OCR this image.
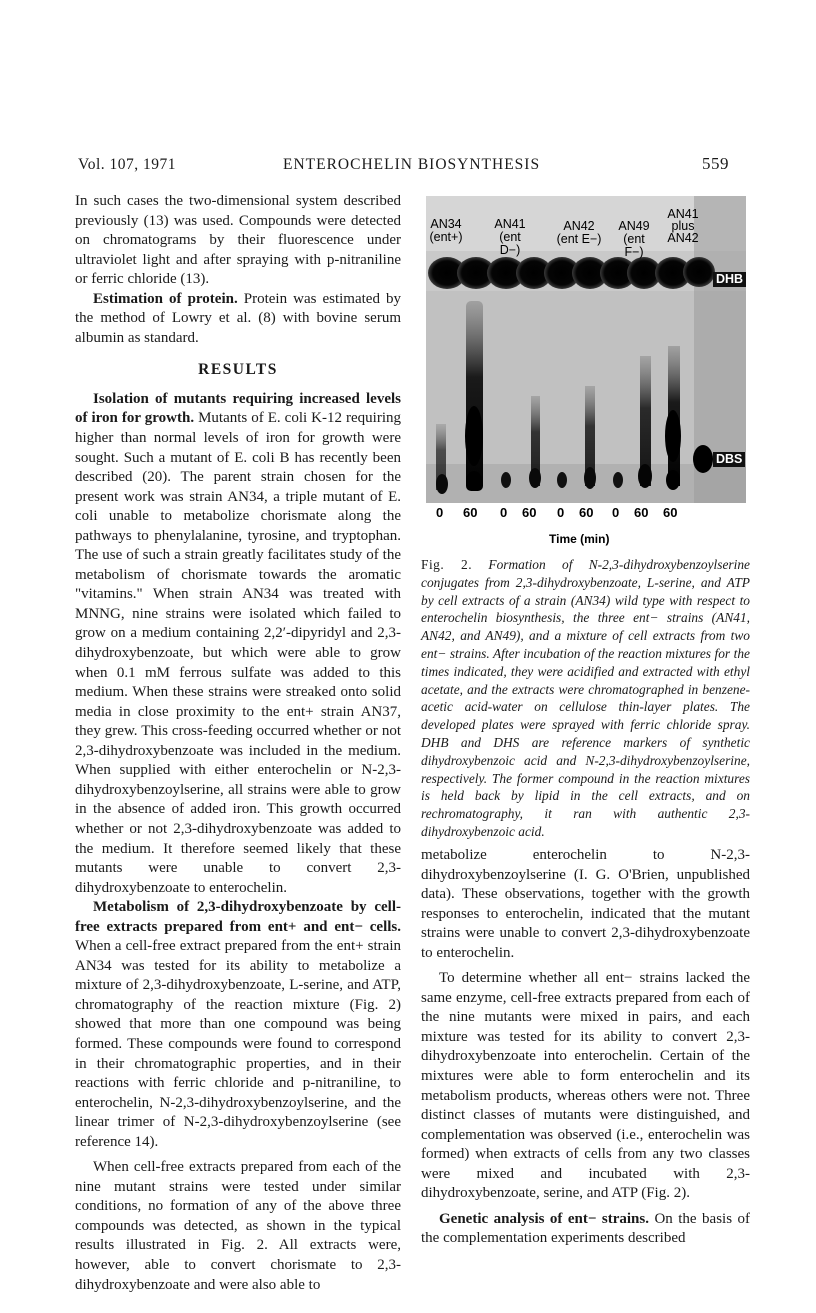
Vol. 107, 1971	ENTEROCHELIN BIOSYNTHESIS	559

In such cases the two-dimensional system described previously (13) was used. Compounds were detected on chromatograms by their fluorescence under ultraviolet light and after spraying with p-nitraniline or ferric chloride (13).

Estimation of protein. Protein was estimated by the method of Lowry et al. (8) with bovine serum albumin as standard.

RESULTS

Isolation of mutants requiring increased levels of iron for growth. Mutants of E. coli K-12 requiring higher than normal levels of iron for growth were sought. Such a mutant of E. coli B has recently been described (20). The parent strain chosen for the present work was strain AN34, a triple mutant of E. coli unable to metabolize chorismate along the pathways to phenylalanine, tyrosine, and tryptophan. The use of such a strain greatly facilitates study of the metabolism of chorismate towards the aromatic "vitamins." When strain AN34 was treated with MNNG, nine strains were isolated which failed to grow on a medium containing 2,2′-dipyridyl and 2,3-dihydroxybenzoate, but which were able to grow when 0.1 mM ferrous sulfate was added to this medium. When these strains were streaked onto solid media in close proximity to the ent+ strain AN37, they grew. This cross-feeding occurred whether or not 2,3-dihydroxybenzoate was included in the medium. When supplied with either enterochelin or N-2,3-dihydroxybenzoylserine, all strains were able to grow in the absence of added iron. This growth occurred whether or not 2,3-dihydroxybenzoate was added to the medium. It therefore seemed likely that these mutants were unable to convert 2,3-dihydroxybenzoate to enterochelin.

Metabolism of 2,3-dihydroxybenzoate by cell-free extracts prepared from ent+ and ent− cells. When a cell-free extract prepared from the ent+ strain AN34 was tested for its ability to metabolize a mixture of 2,3-dihydroxybenzoate, L-serine, and ATP, chromatography of the reaction mixture (Fig. 2) showed that more than one compound was being formed. These compounds were found to correspond in their chromatographic properties, and in their reactions with ferric chloride and p-nitraniline, to enterochelin, N-2,3-dihydroxybenzoylserine, and the linear trimer of N-2,3-dihydroxybenzoylserine (see reference 14).

When cell-free extracts prepared from each of the nine mutant strains were tested under similar conditions, no formation of any of the above three compounds was detected, as shown in the typical results illustrated in Fig. 2. All extracts were, however, able to convert chorismate to 2,3-dihydroxybenzoate and were also able to

AN34
(ent+)
AN41
(ent D−)
AN42
(ent E−)
AN49
(ent F−)
AN41
plus
AN42
DHB
DBS
0 60 0 60 0 60 0 60 60
Time (min)
Fig. 2. Formation of N-2,3-dihydroxybenzoylserine conjugates from 2,3-dihydroxybenzoate, L-serine, and ATP by cell extracts of a strain (AN34) wild type with respect to enterochelin biosynthesis, the three ent− strains (AN41, AN42, and AN49), and a mixture of cell extracts from two ent− strains. After incubation of the reaction mixtures for the times indicated, they were acidified and extracted with ethyl acetate, and the extracts were chromatographed in benzene-acetic acid-water on cellulose thin-layer plates. The developed plates were sprayed with ferric chloride spray. DHB and DHS are reference markers of synthetic dihydroxybenzoic acid and N-2,3-dihydroxybenzoylserine, respectively. The former compound in the reaction mixtures is held back by lipid in the cell extracts, and on rechromatography, it ran with authentic 2,3-dihydroxybenzoic acid.

metabolize enterochelin to N-2,3-dihydroxybenzoylserine (I. G. O'Brien, unpublished data). These observations, together with the growth responses to enterochelin, indicated that the mutant strains were unable to convert 2,3-dihydroxybenzoate to enterochelin.

To determine whether all ent− strains lacked the same enzyme, cell-free extracts prepared from each of the nine mutants were mixed in pairs, and each mixture was tested for its ability to convert 2,3-dihydroxybenzoate into enterochelin. Certain of the mixtures were able to form enterochelin and its metabolism products, whereas others were not. Three distinct classes of mutants were distinguished, and complementation was observed (i.e., enterochelin was formed) when extracts of cells from any two classes were mixed and incubated with 2,3-dihydroxybenzoate, serine, and ATP (Fig. 2).

Genetic analysis of ent− strains. On the basis of the complementation experiments described
